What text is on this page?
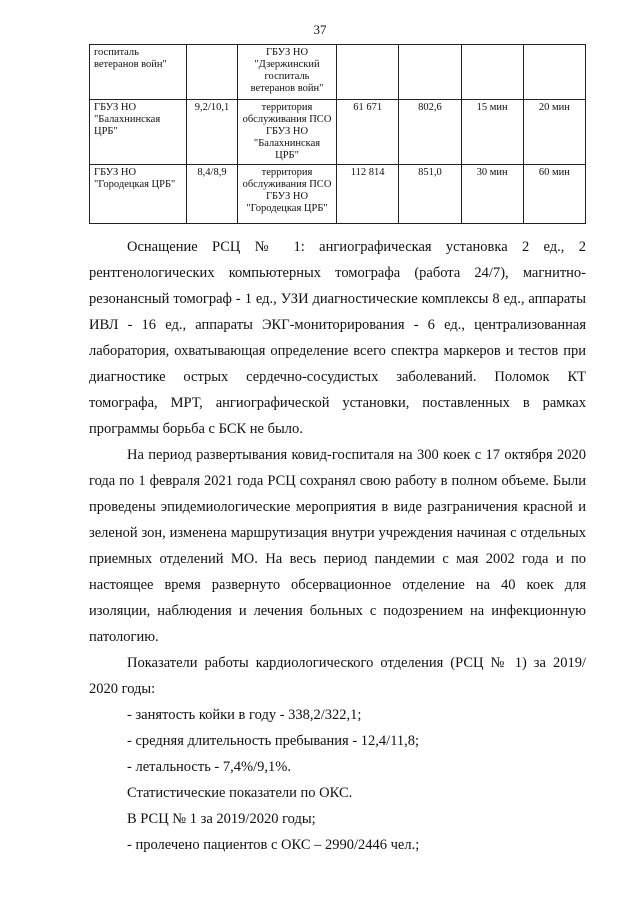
37
госпиталь ветеранов войн"		ГБУЗ НО "Дзержинский госпиталь ветеранов войн"				
ГБУЗ НО "Балахнинская ЦРБ"	9,2/10,1	территория обслуживания ПСО ГБУЗ НО "Балахнинская ЦРБ"	61 671	802,6	15 мин	20 мин
ГБУЗ НО "Городецкая ЦРБ"	8,4/8,9	территория обслуживания ПСО ГБУЗ НО "Городецкая ЦРБ"	112 814	851,0	30 мин	60 мин

Оснащение РСЦ № 1: ангиографическая установка 2 ед., 2 рентгенологических компьютерных томографа (работа 24/7), магнитно-резонансный томограф - 1 ед., УЗИ диагностические комплексы 8 ед., аппараты ИВЛ - 16 ед., аппараты ЭКГ-мониторирования - 6 ед., централизованная лаборатория, охватывающая определение всего спектра маркеров и тестов при диагностике острых сердечно-сосудистых заболеваний. Поломок КТ томографа, МРТ, ангиографической установки, поставленных в рамках программы борьба с БСК не было.

На период развертывания ковид-госпиталя на 300 коек с 17 октября 2020 года по 1 февраля 2021 года РСЦ сохранял свою работу в полном объеме. Были проведены эпидемиологические мероприятия в виде разграничения красной и зеленой зон, изменена маршрутизация внутри учреждения начиная с отдельных приемных отделений МО. На весь период пандемии с мая 2002 года и по настоящее время развернуто обсервационное отделение на 40 коек для изоляции, наблюдения и лечения больных с подозрением на инфекционную патологию.

Показатели работы кардиологического отделения (РСЦ № 1) за 2019/ 2020 годы:

- занятость койки в году - 338,2/322,1;

- средняя длительность пребывания - 12,4/11,8;

- летальность - 7,4%/9,1%.

Статистические показатели по ОКС.

В РСЦ № 1 за 2019/2020 годы;

- пролечено пациентов с ОКС – 2990/2446 чел.;
